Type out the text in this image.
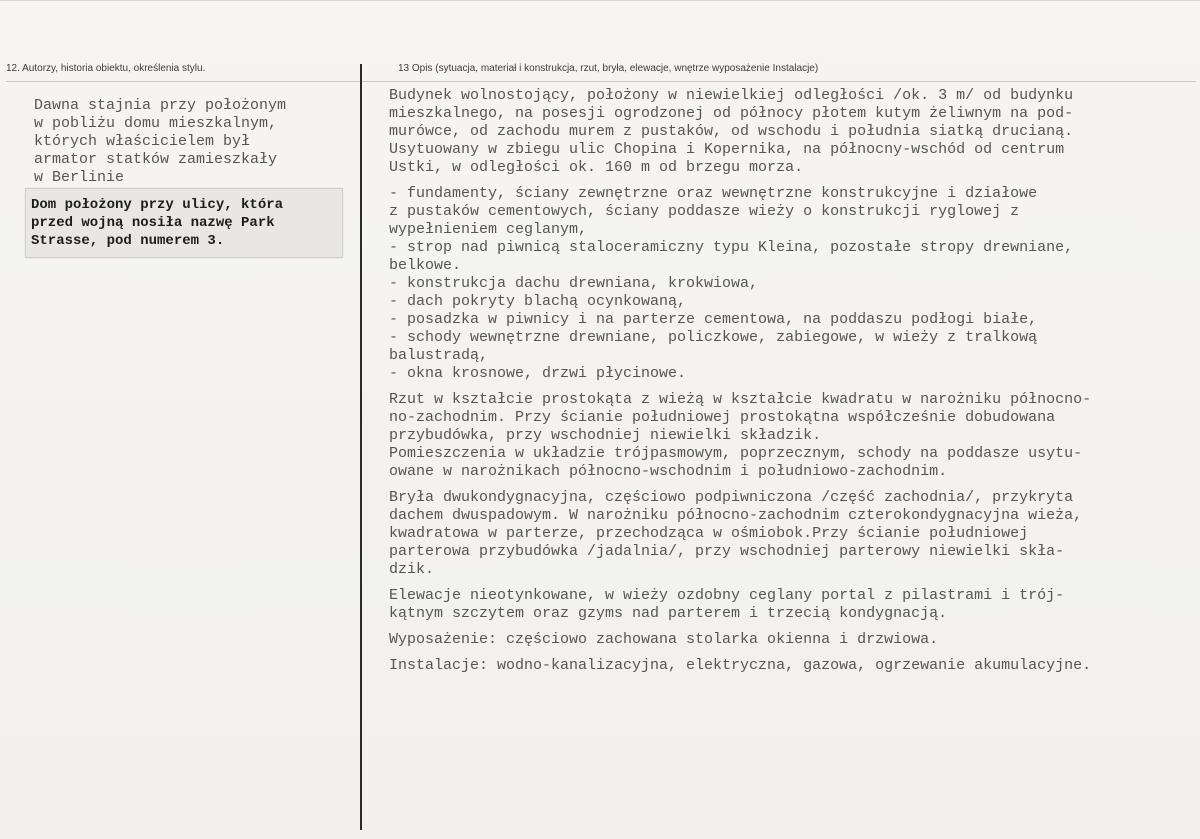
12. Autorzy, historia obiektu, określenia stylu.	13 Opis (sytuacja, materiał i konstrukcja, rzut, bryła, elewacje, wnętrze wyposażenie Instalacje)
Dawna stajnia przy położonym
w pobliżu domu mieszkalnym,
których właścicielem był
armator statków zamieszkały
w Berlinie
Dom położony przy ulicy, która
przed wojną nosiła nazwę Park
Strasse, pod numerem 3.
Budynek wolnostojący, położony w niewielkiej odległości /ok. 3 m/ od budynku
mieszkalnego, na posesji ogrodzonej od północy płotem kutym żeliwnym na pod-
murówce, od zachodu murem z pustaków, od wschodu i południa siatką drucianą.
Usytuowany w zbiegu ulic Chopina i Kopernika, na północny-wschód od centrum
Ustki, w odległości ok. 160 m od brzegu morza.
- fundamenty, ściany zewnętrzne oraz wewnętrzne konstrukcyjne i działowe
z pustaków cementowych, ściany poddasze wieży o konstrukcji ryglowej z
wypełnieniem ceglanym,
- strop nad piwnicą staloceramiczny typu Kleina, pozostałe stropy drewniane,
belkowe.
- konstrukcja dachu drewniana, krokwiowa,
- dach pokryty blachą ocynkowaną,
- posadzka w piwnicy i na parterze cementowa, na poddaszu podłogi białe,
- schody wewnętrzne drewniane, policzkowe, zabiegowe, w wieży z tralkową
balustradą,
- okna krosnowe, drzwi płycinowe.
Rzut w kształcie prostokąta z wieżą w kształcie kwadratu w narożniku północno-
no-zachodnim. Przy ścianie południowej prostokątna współcześnie dobudowana
przybudówka, przy wschodniej niewielki składzik.
Pomieszczenia w układzie trójpasmowym, poprzecznym, schody na poddasze usytu-
owane w narożnikach północno-wschodnim i południowo-zachodnim.
Bryła dwukondygnacyjna, częściowo podpiwniczona /część zachodnia/, przykryta
dachem dwuspadowym. W narożniku północno-zachodnim czterokondygnacyjna wieża,
kwadratowa w parterze, przechodząca w ośmiobok.Przy ścianie południowej
parterowa przybudówka /jadalnia/, przy wschodniej parterowy niewielki skła-
dzik.
Elewacje nieotynkowane, w wieży ozdobny ceglany portal z pilastrami i trój-
kątnym szczytem oraz gzyms nad parterem i trzecią kondygnacją.
Wyposażenie: częściowo zachowana stolarka okienna i drzwiowa.
Instalacje: wodno-kanalizacyjna, elektryczna, gazowa, ogrzewanie akumulacyjne.
